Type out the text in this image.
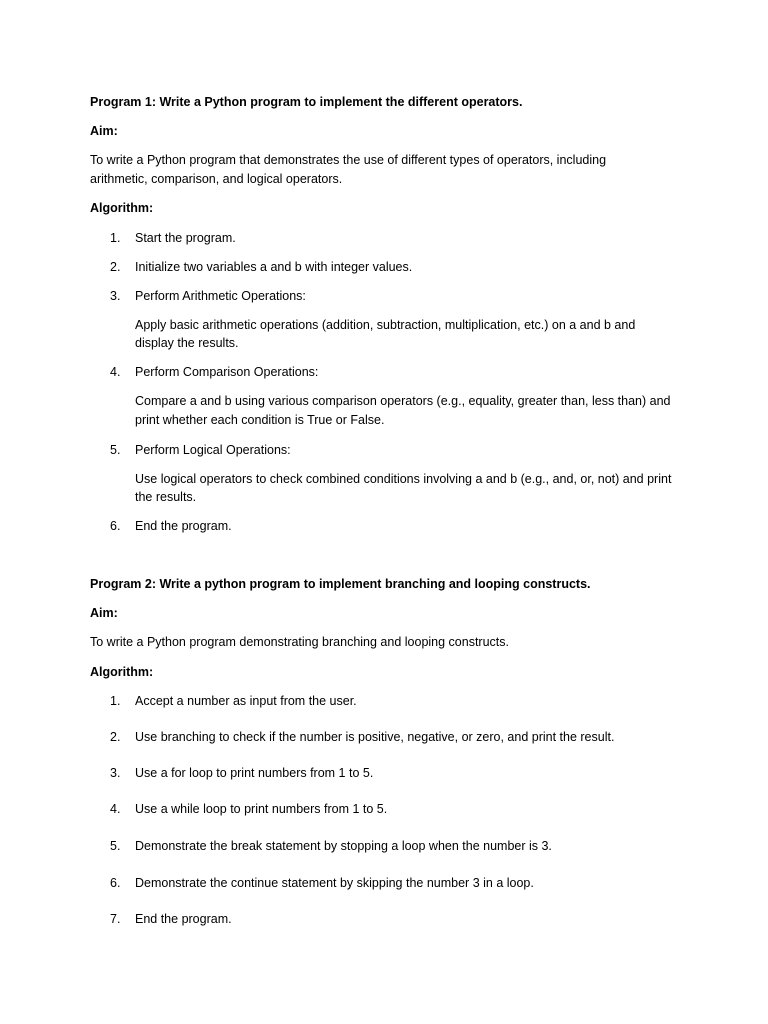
Program 1: Write a Python program to implement the different operators.
Aim:
To write a Python program that demonstrates the use of different types of operators, including
arithmetic, comparison, and logical operators.
Algorithm:
1. Start the program.
2. Initialize two variables a and b with integer values.
3. Perform Arithmetic Operations:
Apply basic arithmetic operations (addition, subtraction, multiplication, etc.) on a and b and
display the results.
4. Perform Comparison Operations:
Compare a and b using various comparison operators (e.g., equality, greater than, less than) and
print whether each condition is True or False.
5. Perform Logical Operations:
Use logical operators to check combined conditions involving a and b (e.g., and, or, not) and print
the results.
6. End the program.
Program 2: Write a python program to implement branching and looping constructs.
Aim:
To write a Python program demonstrating branching and looping constructs.
Algorithm:
1. Accept a number as input from the user.
2. Use branching to check if the number is positive, negative, or zero, and print the result.
3. Use a for loop to print numbers from 1 to 5.
4. Use a while loop to print numbers from 1 to 5.
5. Demonstrate the break statement by stopping a loop when the number is 3.
6. Demonstrate the continue statement by skipping the number 3 in a loop.
7. End the program.
